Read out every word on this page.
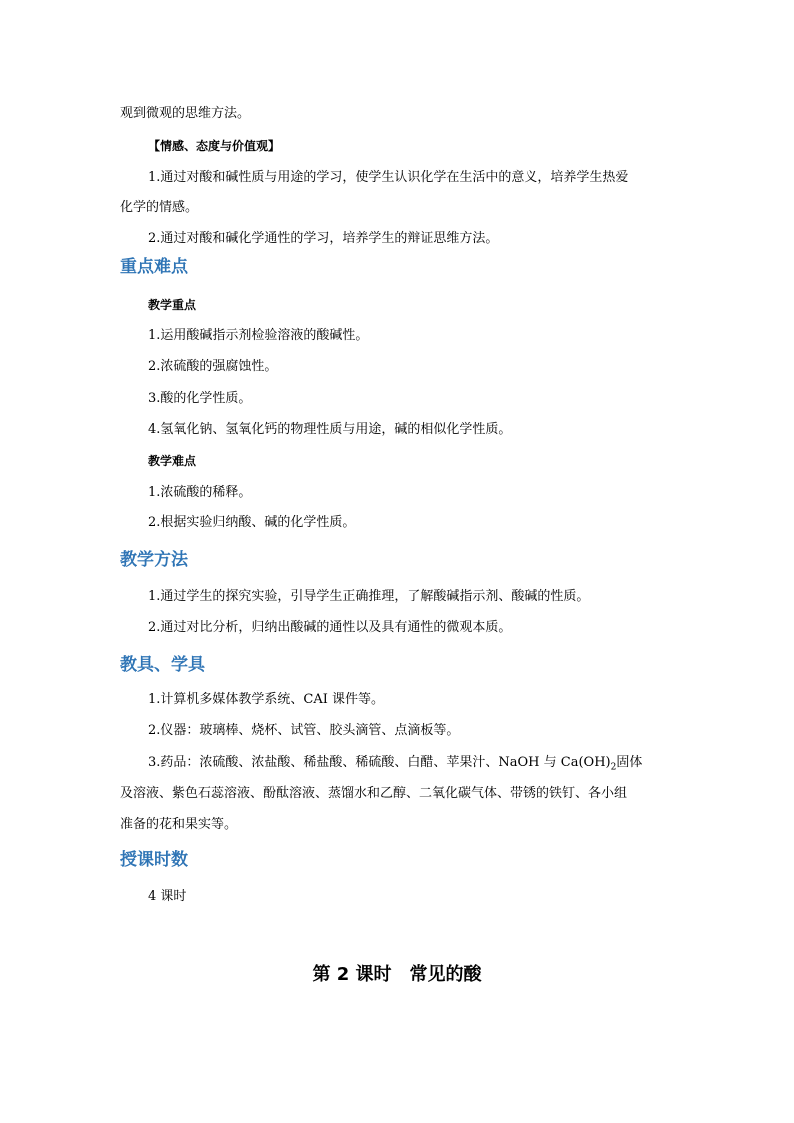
观到微观的思维方法。
【情感、态度与价值观】
1.通过对酸和碱性质与用途的学习，使学生认识化学在生活中的意义，培养学生热爱
化学的情感。
2.通过对酸和碱化学通性的学习，培养学生的辩证思维方法。
重点难点
教学重点
1.运用酸碱指示剂检验溶液的酸碱性。
2.浓硫酸的强腐蚀性。
3.酸的化学性质。
4.氢氧化钠、氢氧化钙的物理性质与用途，碱的相似化学性质。
教学难点
1.浓硫酸的稀释。
2.根据实验归纳酸、碱的化学性质。
教学方法
1.通过学生的探究实验，引导学生正确推理，了解酸碱指示剂、酸碱的性质。
2.通过对比分析，归纳出酸碱的通性以及具有通性的微观本质。
教具、学具
1.计算机多媒体教学系统、CAI 课件等。
2.仪器：玻璃棒、烧杯、试管、胶头滴管、点滴板等。
3.药品：浓硫酸、浓盐酸、稀盐酸、稀硫酸、白醋、苹果汁、NaOH 与 $Ca(OH)_2$固体
及溶液、紫色石蕊溶液、酚酞溶液、蒸馏水和乙醇、二氧化碳气体、带锈的铁钉、各小组
准备的花和果实等。
授课时数
4 课时
第 2 课时　常见的酸
